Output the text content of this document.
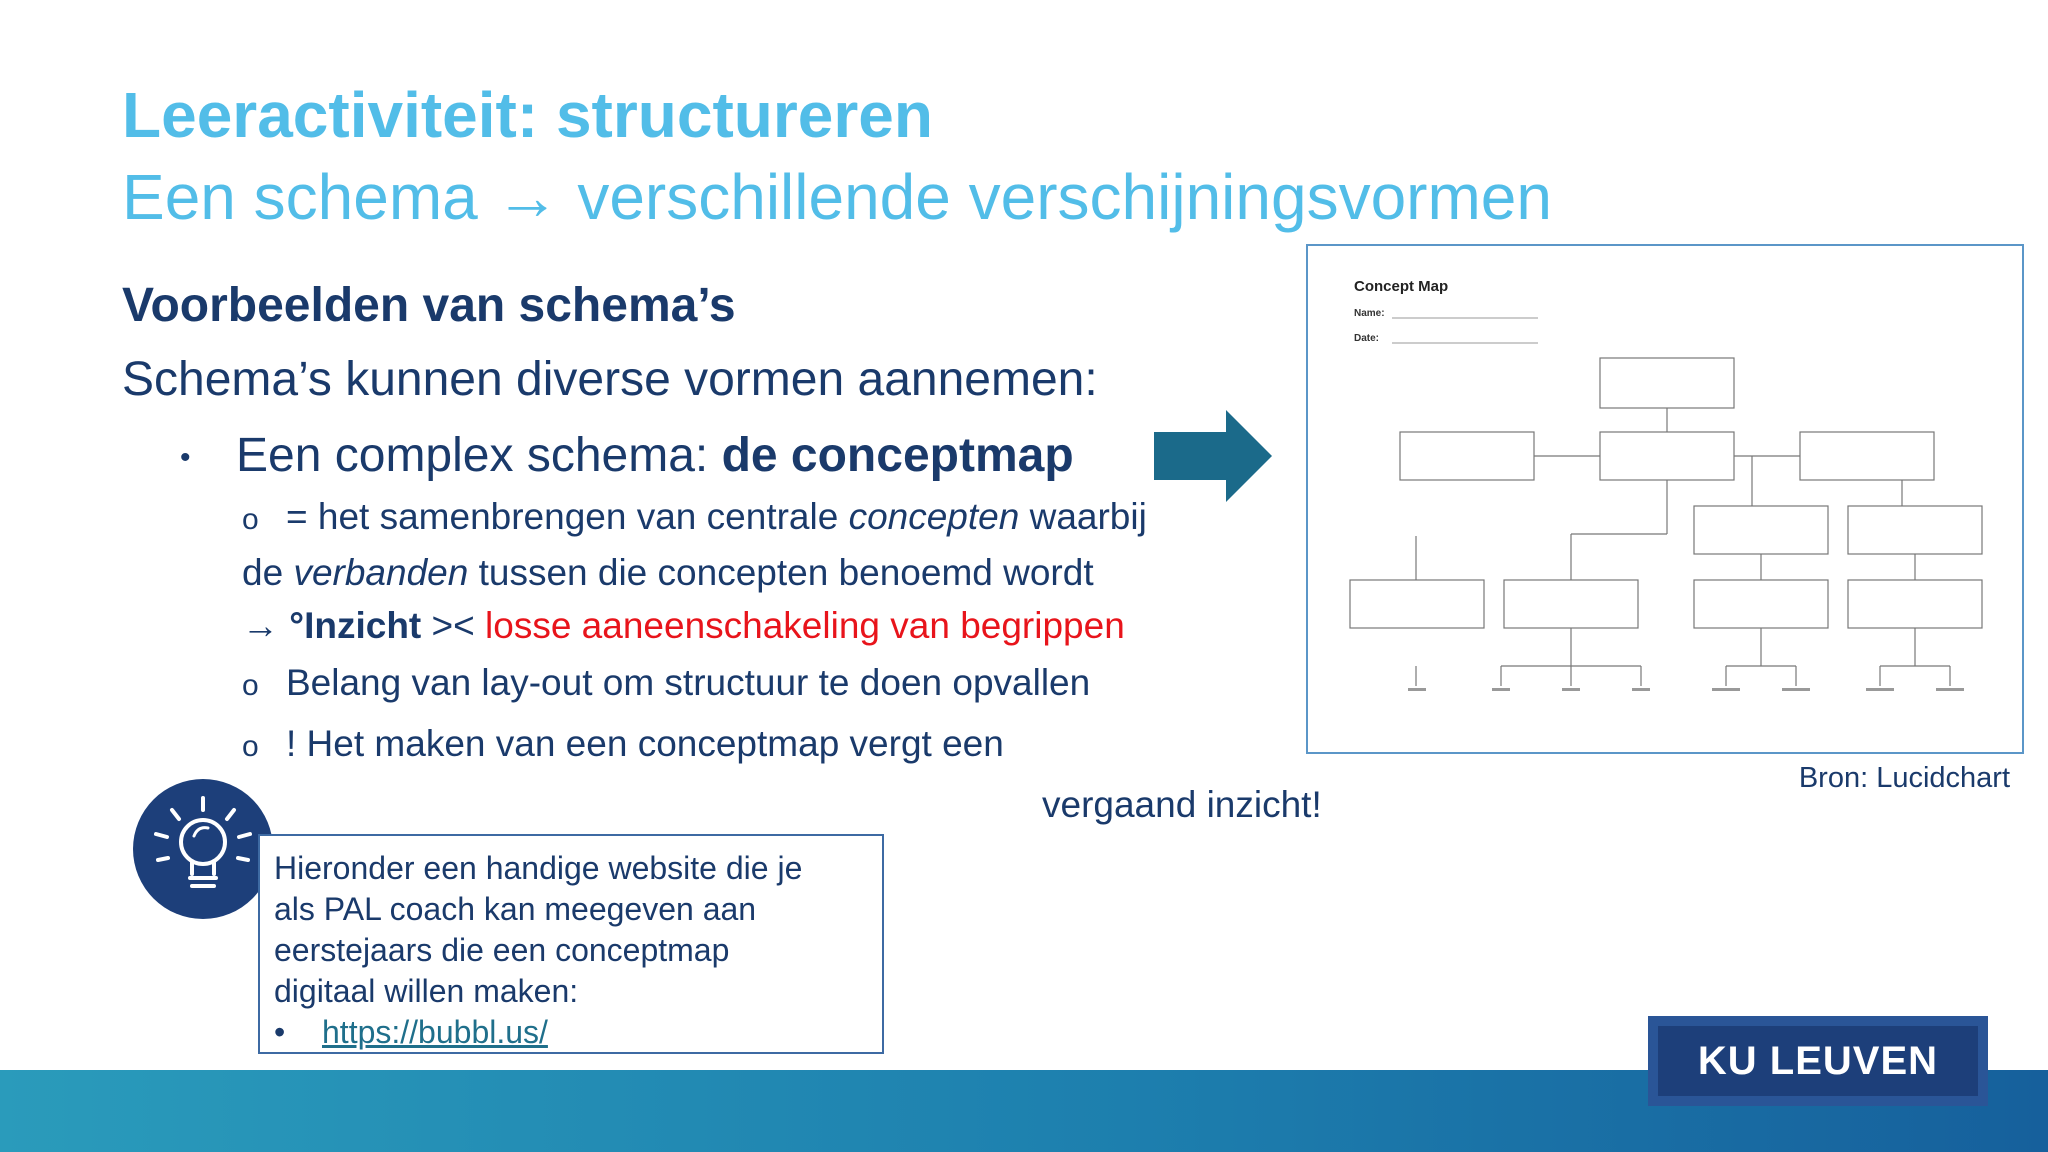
Leeractiviteit: structureren
Een schema → verschillende verschijningsvormen
Voorbeelden van schema’s
Schema’s kunnen diverse vormen aannemen:
• Een complex schema: de conceptmap
o = het samenbrengen van centrale concepten waarbij
de verbanden tussen die concepten benoemd wordt
→ °Inzicht >< losse aaneenschakeling van begrippen
o Belang van lay-out om structuur te doen opvallen
o ! Het maken van een conceptmap vergt een
vergaand inzicht!
Concept Map
Name:
Date:
Bron: Lucidchart
Hieronder een handige website die je
als PAL coach kan meegeven aan
eerstejaars die een conceptmap
digitaal willen maken:
• https://bubbl.us/
KU LEUVEN
